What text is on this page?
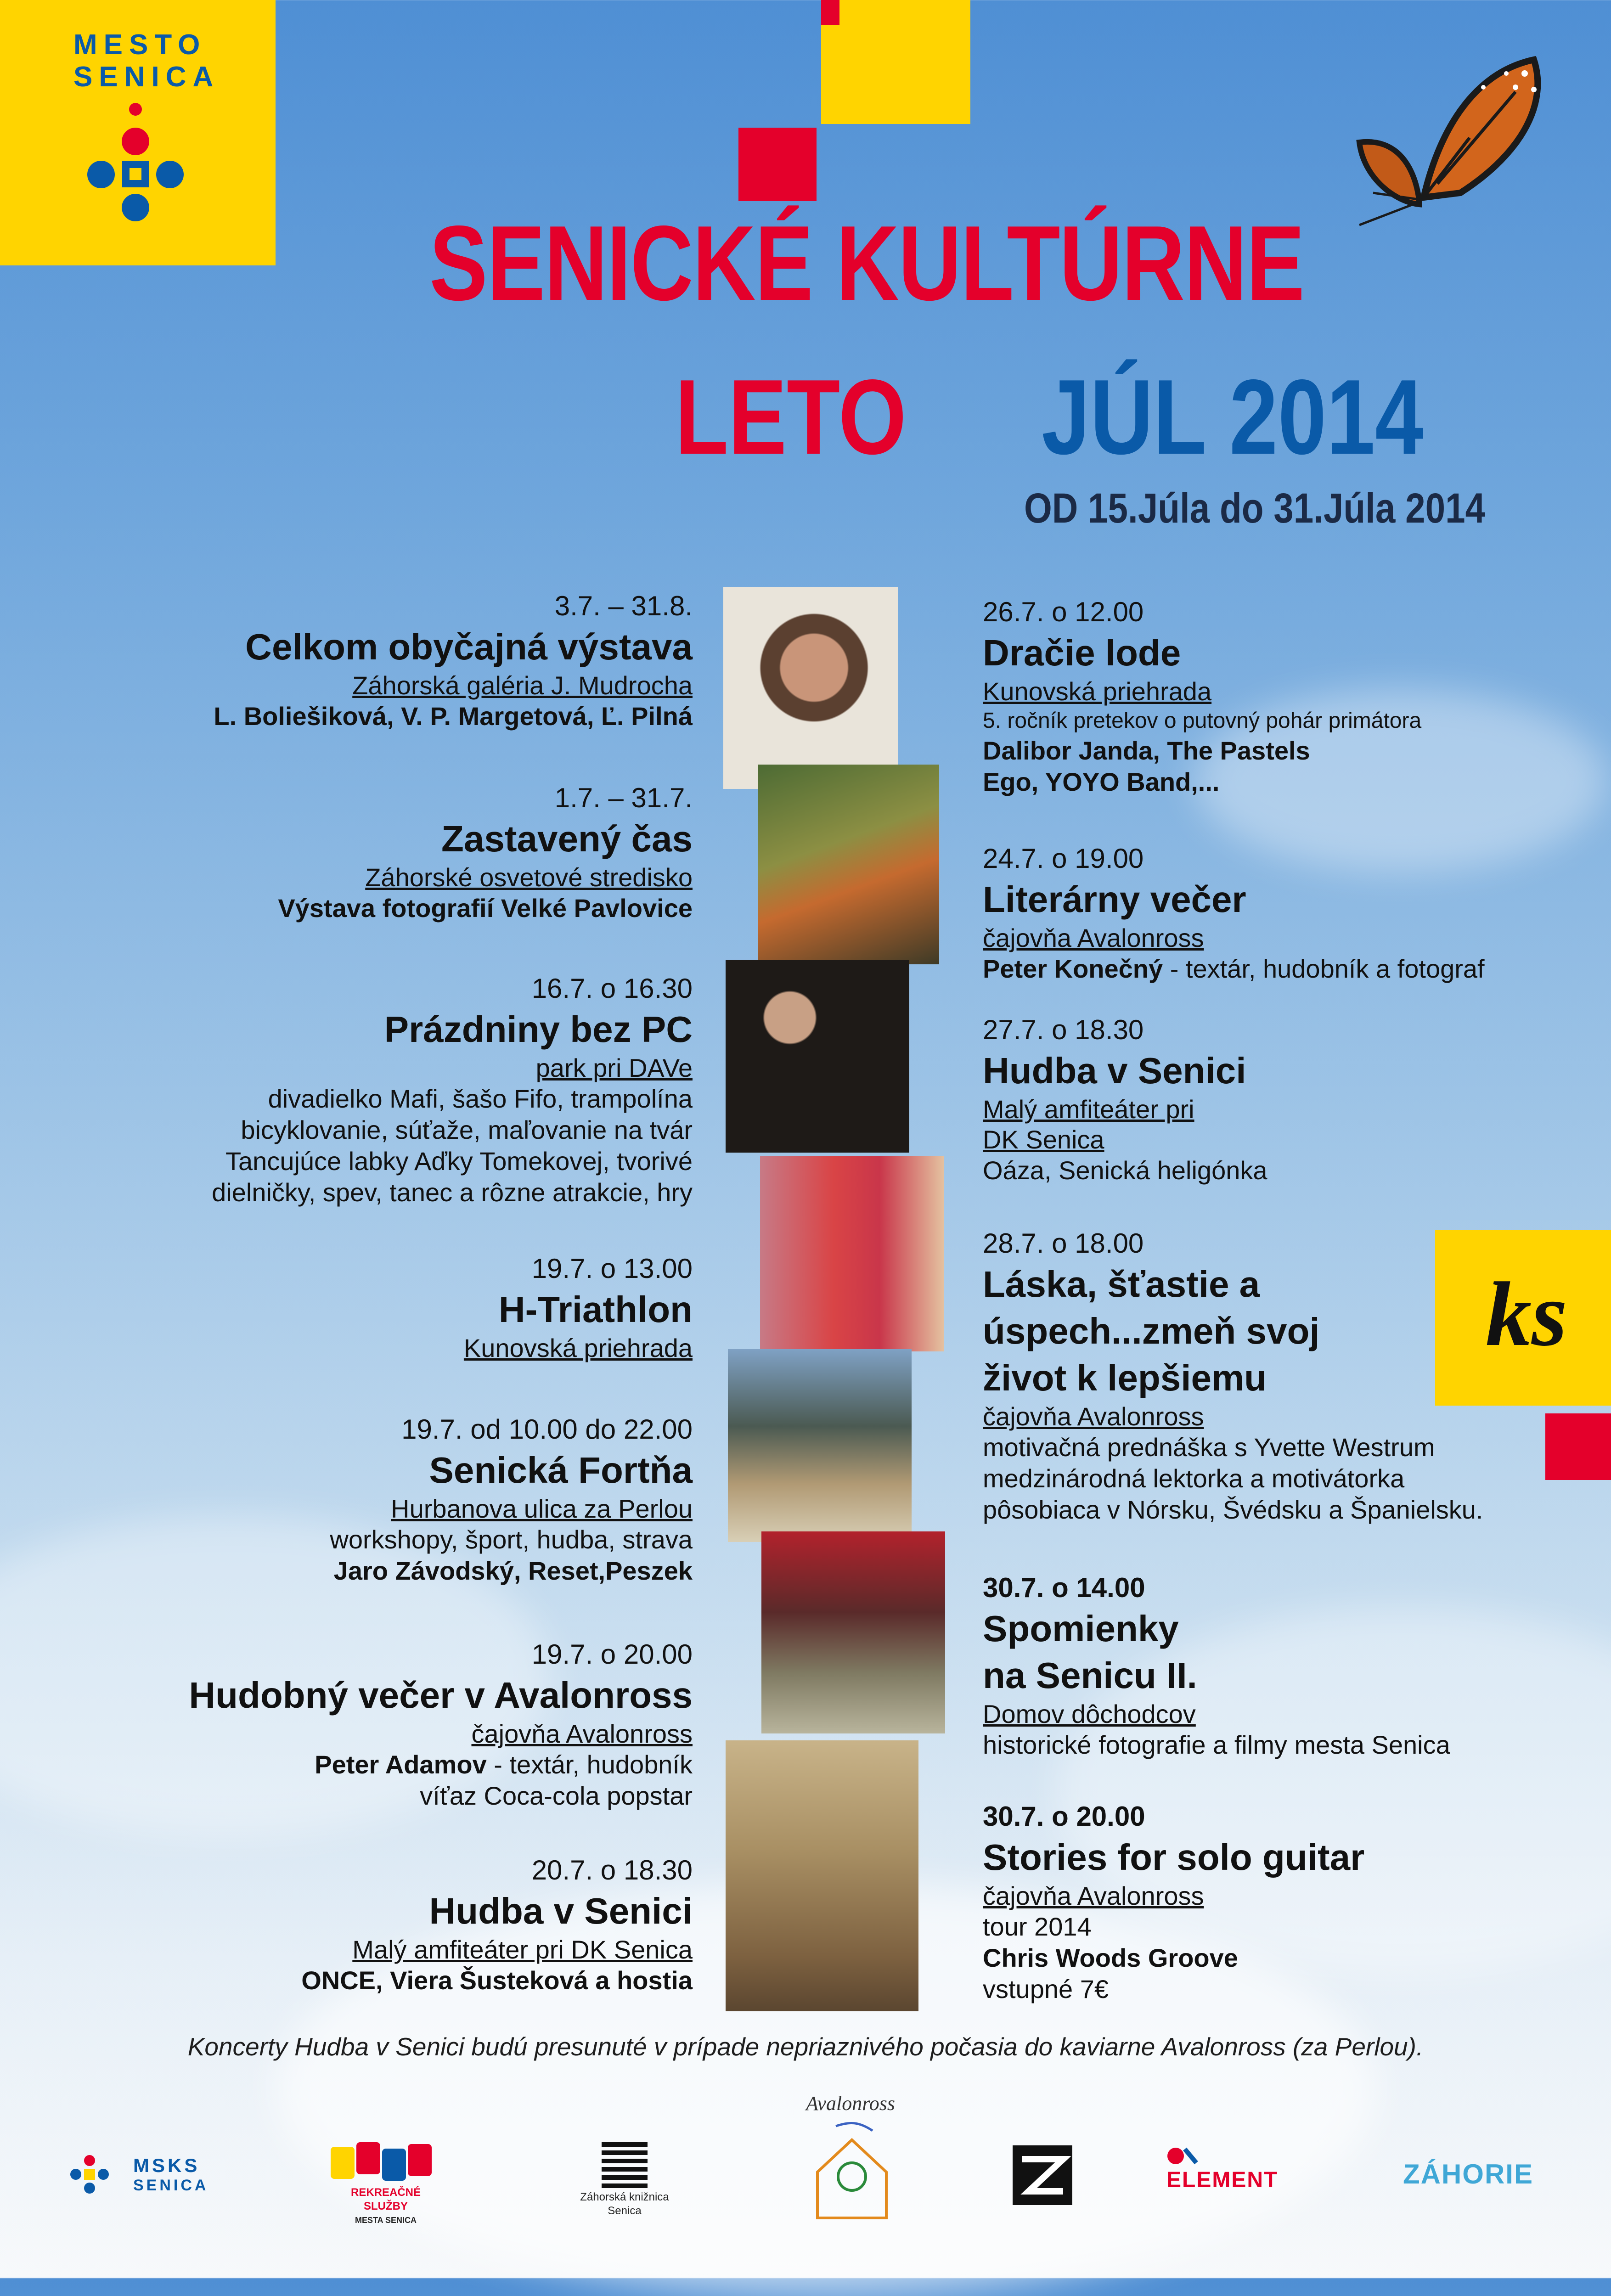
MESTO
SENICA
SENICKÉ KULTÚRNE
LETO JÚL 2014
OD 15.Júla do 31.Júla 2014
3.7. – 31.8.
Celkom obyčajná výstava
Záhorská galéria J. Mudrocha
L. Boliešiková, V. P. Margetová, Ľ. Pilná
1.7. – 31.7.
Zastavený čas
Záhorské osvetové stredisko
Výstava fotografií Velké Pavlovice
16.7. o 16.30
Prázdniny bez PC
park pri DAVe
divadielko Mafi, šašo Fifo, trampolína
bicyklovanie, súťaže, maľovanie na tvár
Tancujúce labky Aďky Tomekovej, tvorivé
dielničky, spev, tanec a rôzne atrakcie, hry
19.7. o 13.00
H-Triathlon
Kunovská priehrada
19.7. od 10.00 do 22.00
Senická Fortňa
Hurbanova ulica za Perlou
workshopy, šport, hudba, strava
Jaro Závodský, Reset,Peszek
19.7. o 20.00
Hudobný večer v Avalonross
čajovňa Avalonross
Peter Adamov - textár, hudobník
víťaz Coca-cola popstar
20.7. o 18.30
Hudba v Senici
Malý amfiteáter pri DK Senica
ONCE, Viera Šusteková a hostia
26.7. o 12.00
Dračie lode
Kunovská priehrada
5. ročník pretekov o putovný pohár primátora
Dalibor Janda, The Pastels
Ego, YOYO Band,...
24.7. o 19.00
Literárny večer
čajovňa Avalonross
Peter Konečný - textár, hudobník a fotograf
27.7. o 18.30
Hudba v Senici
Malý amfiteáter pri
DK Senica
Oáza, Senická heligónka
28.7. o 18.00
Láska, šťastie a
úspech...zmeň svoj
život k lepšiemu
čajovňa Avalonross
motivačná prednáška s Yvette Westrum
medzinárodná lektorka a motivátorka
pôsobiaca v Nórsku, Švédsku a Španielsku.
30.7. o 14.00
Spomienky
na Senicu II.
Domov dôchodcov
historické fotografie a filmy mesta Senica
30.7. o 20.00
Stories for solo guitar
čajovňa Avalonross
tour 2014
Chris Woods Groove
vstupné 7€
ks
Koncerty Hudba v Senici budú presunuté v prípade nepriaznivého počasia do kaviarne Avalonross (za Perlou).
Avalonross
MSKS
SENICA	REKREAČNÉ SLUŽBY
MESTA SENICA
Záhorská knižnica
Senica
ELEMENT	ZÁHORIE
